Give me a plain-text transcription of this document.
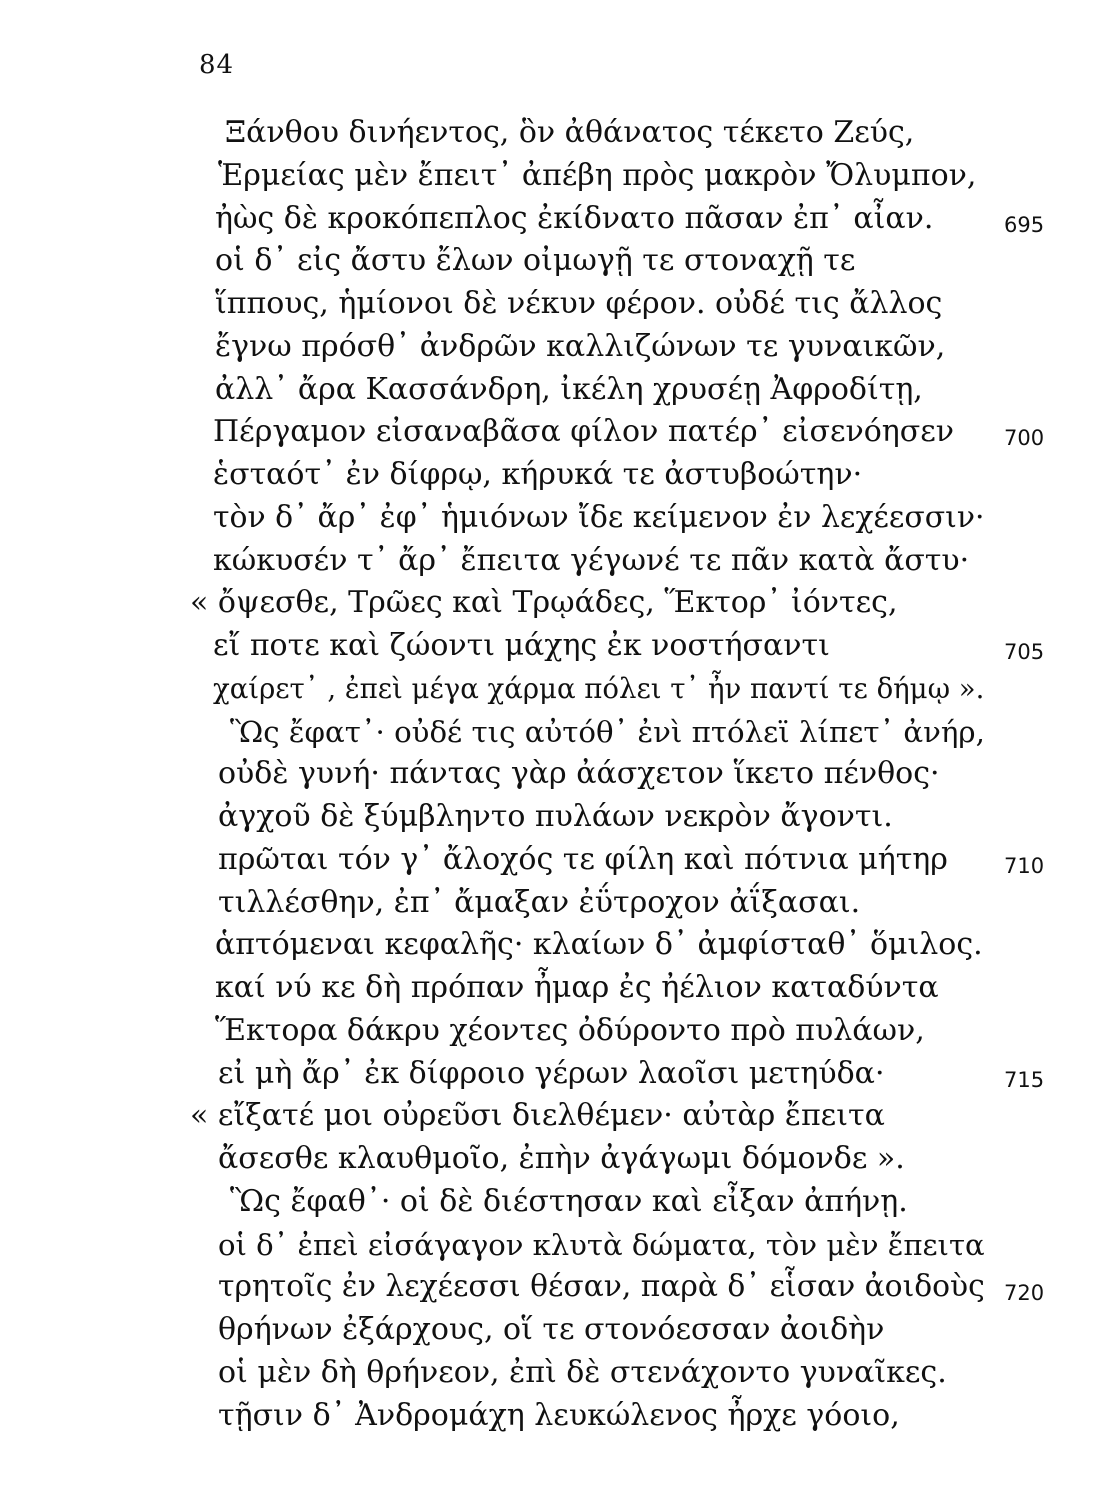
84
Ξάνθου δινήεντος, ὃν ἀθάνατος τέκετο Ζεύς,
Ἑρμείας μὲν ἔπειτ᾽ ἀπέβη πρὸς μακρὸν Ὄλυμπον,
ἠὼς δὲ κροκόπεπλος ἐκίδνατο πᾶσαν ἐπ᾽ αἶαν.	695
οἱ δ᾽ εἰς ἄστυ ἔλων οἰμωγῇ τε στοναχῇ τε
ἵππους, ἡμίονοι δὲ νέκυν φέρον. οὐδέ τις ἄλλος
ἔγνω πρόσθ᾽ ἀνδρῶν καλλιζώνων τε γυναικῶν,
ἀλλ᾽ ἄρα Κασσάνδρη, ἰκέλη χρυσέῃ Ἀφροδίτῃ,
Πέργαμον εἰσαναβᾶσα φίλον πατέρ᾽ εἰσενόησεν 700
ἑσταότ᾽ ἐν δίφρῳ, κήρυκά τε ἀστυβοώτην·
τὸν δ᾽ ἄρ᾽ ἐφ᾽ ἡμιόνων ἴδε κείμενον ἐν λεχέεσσιν·
κώκυσέν τ᾽ ἄρ᾽ ἔπειτα γέγωνέ τε πᾶν κατὰ ἄστυ·
« ὄψεσθε, Τρῶες καὶ Τρῳάδες, Ἕκτορ᾽ ἰόντες,
εἴ ποτε καὶ ζώοντι μάχης ἐκ νοστήσαντι	705
χαίρετ᾽ , ἐπεὶ μέγα χάρμα πόλει τ᾽ ἦν παντί τε δήμῳ ».
Ὣς ἔφατ᾽· οὐδέ τις αὐτόθ᾽ ἐνὶ πτόλεϊ λίπετ᾽ ἀνήρ,
οὐδὲ γυνή· πάντας γὰρ ἀάσχετον ἵκετο πένθος·
ἀγχοῦ δὲ ξύμβληντο πυλάων νεκρὸν ἄγοντι.
πρῶται τόν γ᾽ ἄλοχός τε φίλη καὶ πότνια μήτηρ	710
τιλλέσθην, ἐπ᾽ ἄμαξαν ἐΰτροχον ἀΐξασαι.
ἁπτόμεναι κεφαλῆς· κλαίων δ᾽ ἀμφίσταθ᾽ ὅμιλος.
καί νύ κε δὴ πρόπαν ἦμαρ ἐς ἠέλιον καταδύντα
Ἕκτορα δάκρυ χέοντες ὀδύροντο πρὸ πυλάων,
εἰ μὴ ἄρ᾽ ἐκ δίφροιο γέρων λαοῖσι μετηύδα·	715
« εἴξατέ μοι οὐρεῦσι διελθέμεν· αὐτὰρ ἔπειτα
ἄσεσθε κλαυθμοῖο, ἐπὴν ἀγάγωμι δόμονδε ».
Ὣς ἔφαθ᾽· οἱ δὲ διέστησαν καὶ εἶξαν ἀπήνῃ.
οἱ δ᾽ ἐπεὶ εἰσάγαγον κλυτὰ δώματα, τὸν μὲν ἔπειτα
τρητοῖς ἐν λεχέεσσι θέσαν, παρὰ δ᾽ εἷσαν ἀοιδοὺς 720
θρήνων ἐξάρχους, οἵ τε στονόεσσαν ἀοιδὴν
οἱ μὲν δὴ θρήνεον, ἐπὶ δὲ στενάχοντο γυναῖκες.
τῇσιν δ᾽ Ἀνδρομάχη λευκώλενος ἦρχε γόοιο,
